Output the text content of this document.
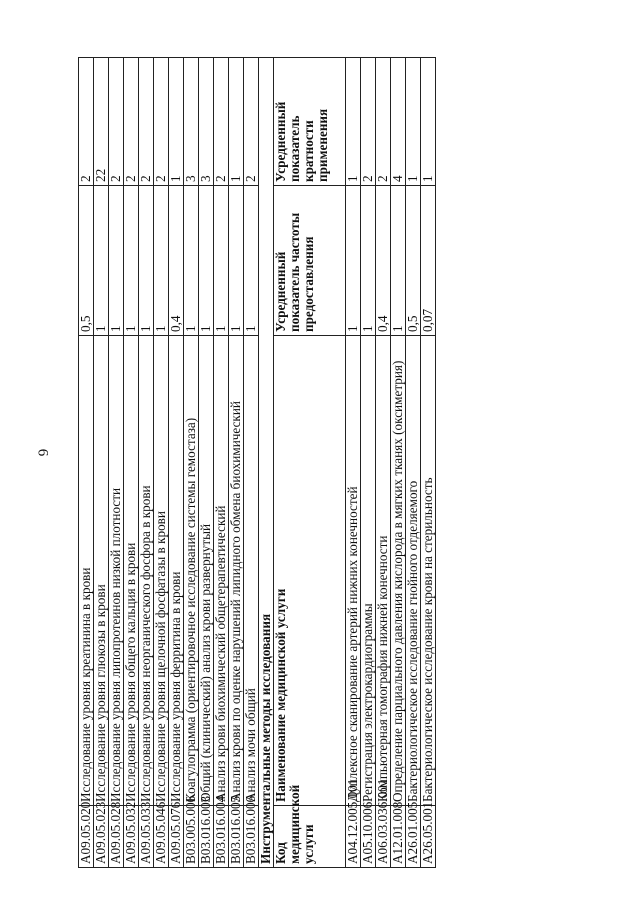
6
A09.05.020	Исследование уровня креатинина в крови	0,5	2
A09.05.023	Исследование уровня глюкозы в крови	1	22
A09.05.028	Исследование уровня липопротеинов низкой плотности	1	2
A09.05.032	Исследование уровня общего кальция в крови	1	2
A09.05.033	Исследование уровня неорганического фосфора в крови	1	2
A09.05.046	Исследование уровня щелочной фосфатазы в крови	1	2
A09.05.076	Исследование уровня ферритина в крови	0,4	1
B03.005.006	Коагулограмма (ориентировочное исследование системы гемостаза)	1	3
B03.016.003	Общий (клинический) анализ крови развернутый	1	3
B03.016.004	Анализ крови биохимический общетерапевтический	1	2
B03.016.005	Анализ крови по оценке нарушений липидного обмена биохимический	1	1
B03.016.006	Анализ мочи общий	1	2
Инструментальные методы исследования			
Код медицинской услуги	Наименование медицинской услуги	Усредненный показатель частоты предоставления	Усредненный показатель кратности применения
A04.12.005.001	Дуплексное сканирование артерий нижних конечностей	1	1
A05.10.006	Регистрация электрокардиограммы	1	2
A06.03.036.001	Компьютерная томография нижней конечности	0,4	2
A12.01.008	Определение парциального давления кислорода в мягких тканях (оксиметрия)	1	4
A26.01.005	Бактериологическое исследование гнойного отделяемого	0,5	1
A26.05.001	Бактериологическое исследование крови на стерильность	0,07	1
